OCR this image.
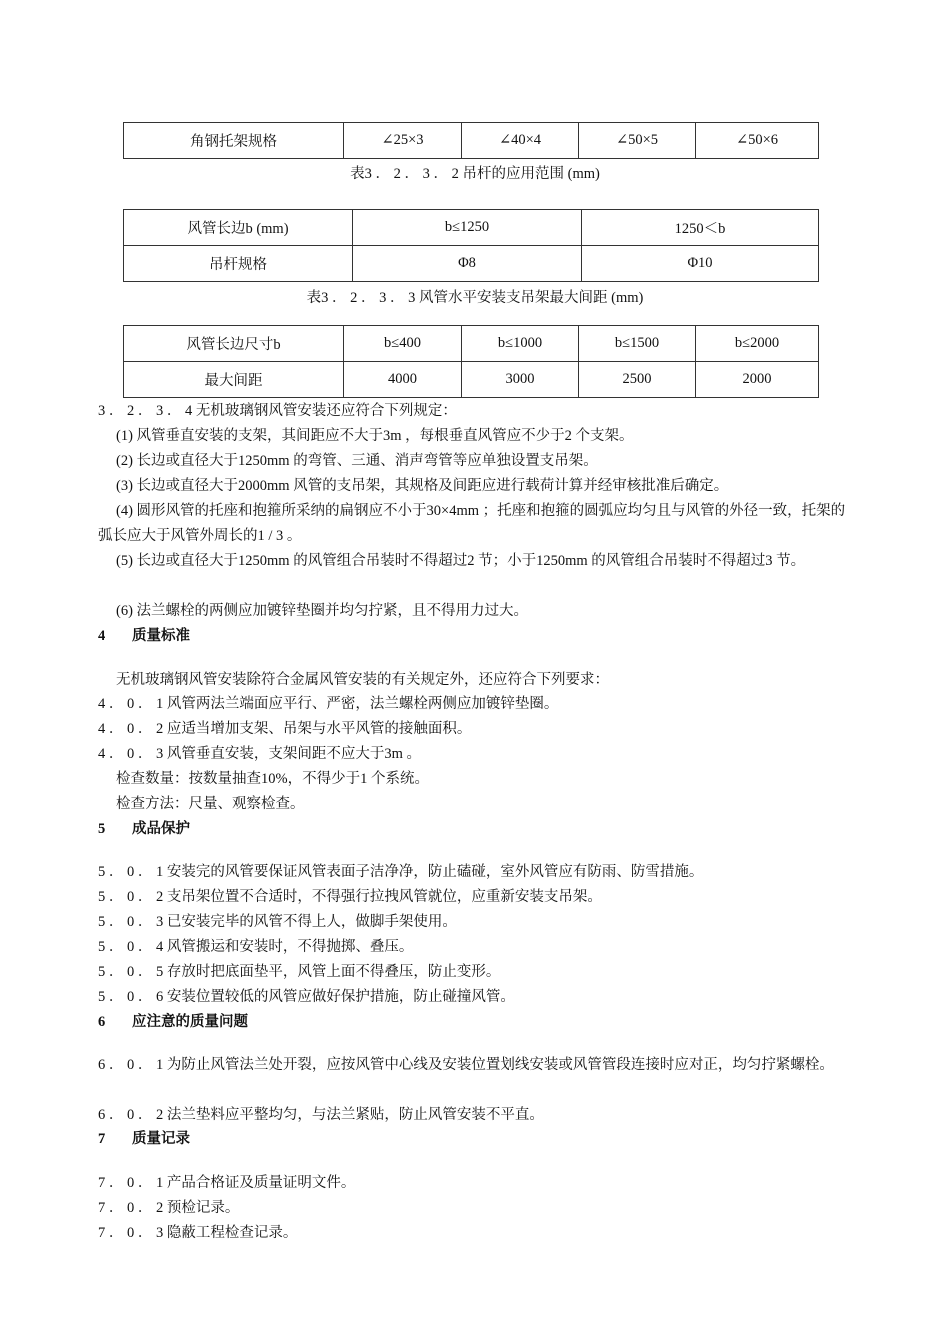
角钢托架规格	∠25×3	∠40×4	∠50×5	∠50×6
表3 ． 2 ． 3 ． 2 吊杆的应用范围 (mm)
风管长边b (mm)	b≤1250	1250＜b
吊杆规格	Φ8	Φ10
表3 ． 2 ． 3 ． 3 风管水平安装支吊架最大间距 (mm)
风管长边尺寸b	b≤400	b≤1000	b≤1500	b≤2000
最大间距	4000	3000	2500	2000
3 ． 2 ． 3 ． 4 无机玻璃钢风管安装还应符合下列规定：
(1) 风管垂直安装的支架，其间距应不大于3m ，每根垂直风管应不少于2 个支架。
(2) 长边或直径大于1250mm 的弯管、三通、消声弯管等应单独设置支吊架。
(3) 长边或直径大于2000mm 风管的支吊架，其规格及间距应进行载荷计算并经审核批准后确定。
(4) 圆形风管的托座和抱箍所采纳的扁钢应不小于30×4mm ；托座和抱箍的圆弧应均匀且与风管的外径一致，托架的弧长应大于风管外周长的1 / 3 。
(5) 长边或直径大于1250mm 的风管组合吊装时不得超过2 节；小于1250mm 的风管组合吊装时不得超过3 节。
(6) 法兰螺栓的两侧应加镀锌垫圈并均匀拧紧，且不得用力过大。
4 质量标准
无机玻璃钢风管安装除符合金属风管安装的有关规定外，还应符合下列要求：
4 ． 0 ． 1 风管两法兰端面应平行、严密，法兰螺栓两侧应加镀锌垫圈。
4 ． 0 ． 2 应适当增加支架、吊架与水平风管的接触面积。
4 ． 0 ． 3 风管垂直安装，支架间距不应大于3m 。
检查数量：按数量抽查10%，不得少于1 个系统。
检查方法：尺量、观察检查。
5 成品保护
5 ． 0 ． 1 安装完的风管要保证风管表面子洁净净，防止磕碰，室外风管应有防雨、防雪措施。
5 ． 0 ． 2 支吊架位置不合适时，不得强行拉拽风管就位，应重新安装支吊架。
5 ． 0 ． 3 已安装完毕的风管不得上人，做脚手架使用。
5 ． 0 ． 4 风管搬运和安装时，不得抛掷、叠压。
5 ． 0 ． 5 存放时把底面垫平，风管上面不得叠压，防止变形。
5 ． 0 ． 6 安装位置较低的风管应做好保护措施，防止碰撞风管。
6 应注意的质量问题
6 ． 0 ． 1 为防止风管法兰处开裂，应按风管中心线及安装位置划线安装或风管管段连接时应对正，均匀拧紧螺栓。
6 ． 0 ． 2 法兰垫料应平整均匀，与法兰紧贴，防止风管安装不平直。
7 质量记录
7 ． 0 ． 1 产品合格证及质量证明文件。
7 ． 0 ． 2 预检记录。
7 ． 0 ． 3 隐蔽工程检查记录。
